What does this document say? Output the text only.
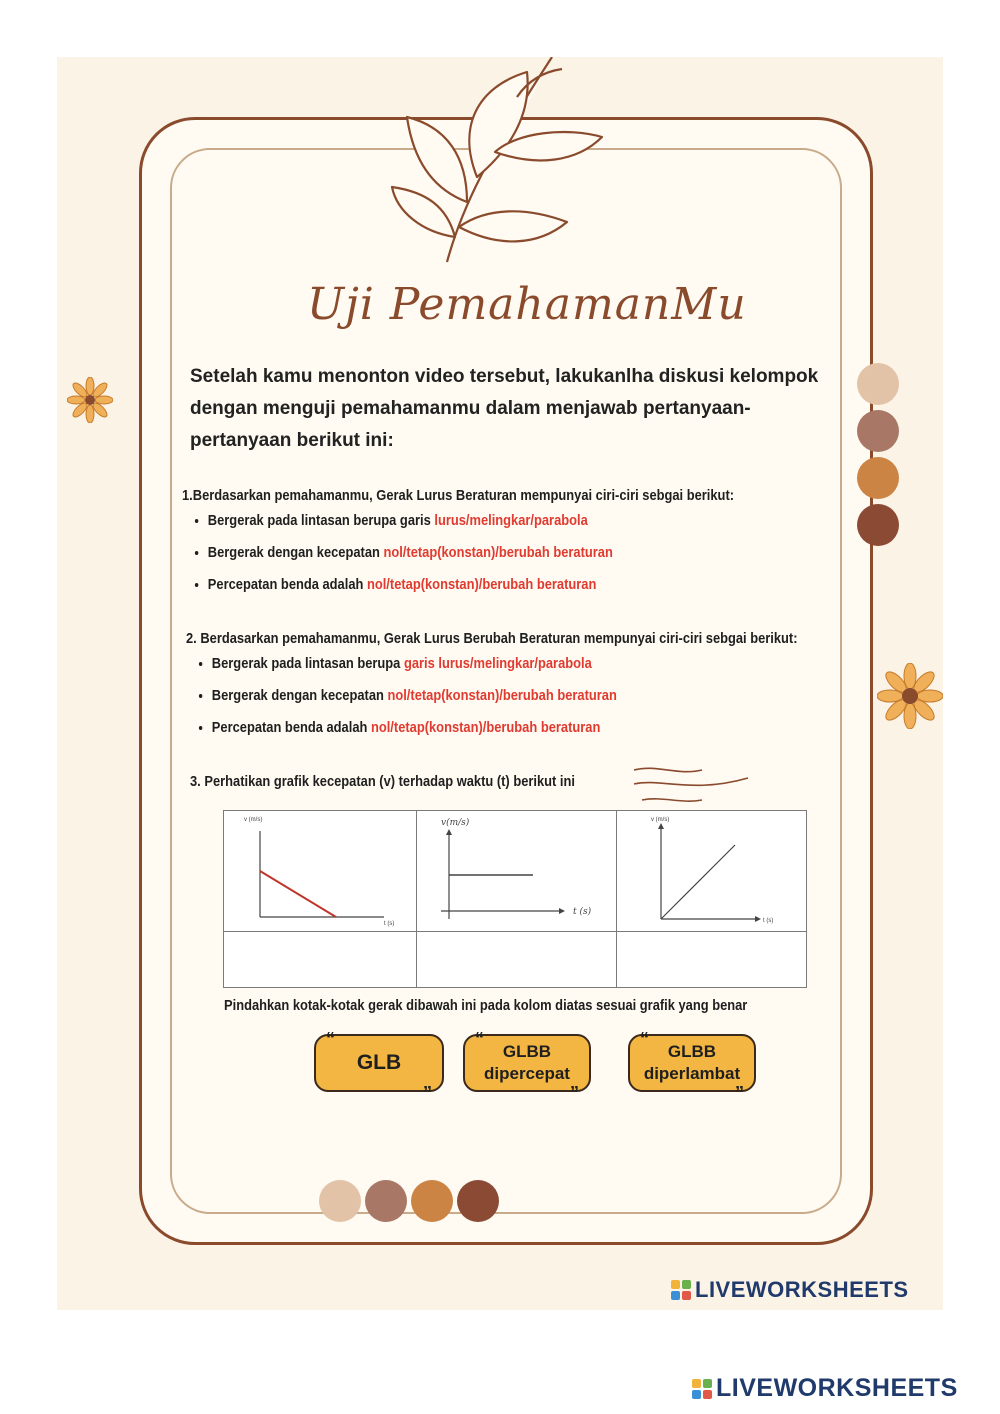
Uji PemahamanMu
Setelah kamu menonton video tersebut, lakukanlha diskusi kelompok dengan menguji pemahamanmu dalam menjawab pertanyaan-pertanyaan berikut ini:
1.Berdasarkan pemahamanmu, Gerak Lurus Beraturan mempunyai ciri-ciri sebgai berikut:
• Bergerak pada lintasan berupa garis lurus/melingkar/parabola
• Bergerak dengan kecepatan nol/tetap(konstan)/berubah beraturan
• Percepatan benda adalah nol/tetap(konstan)/berubah beraturan
2. Berdasarkan pemahamanmu, Gerak Lurus Berubah Beraturan mempunyai ciri-ciri sebgai berikut:
• Bergerak pada lintasan berupa garis lurus/melingkar/parabola
• Bergerak dengan kecepatan nol/tetap(konstan)/berubah beraturan
• Percepatan benda adalah nol/tetap(konstan)/berubah beraturan
3. Perhatikan grafik kecepatan (v) terhadap waktu (t) berikut ini
v (m/s)
t (s)
v(m/s)
t (s)
v (m/s)
t (s)
Pindahkan kotak-kotak gerak dibawah ini pada kolom diatas sesuai grafik yang benar
“
GLB
”
“
GLBB
dipercepat
”
“
GLBB
diperlambat
”
LIVEWORKSHEETS
LIVEWORKSHEETS
